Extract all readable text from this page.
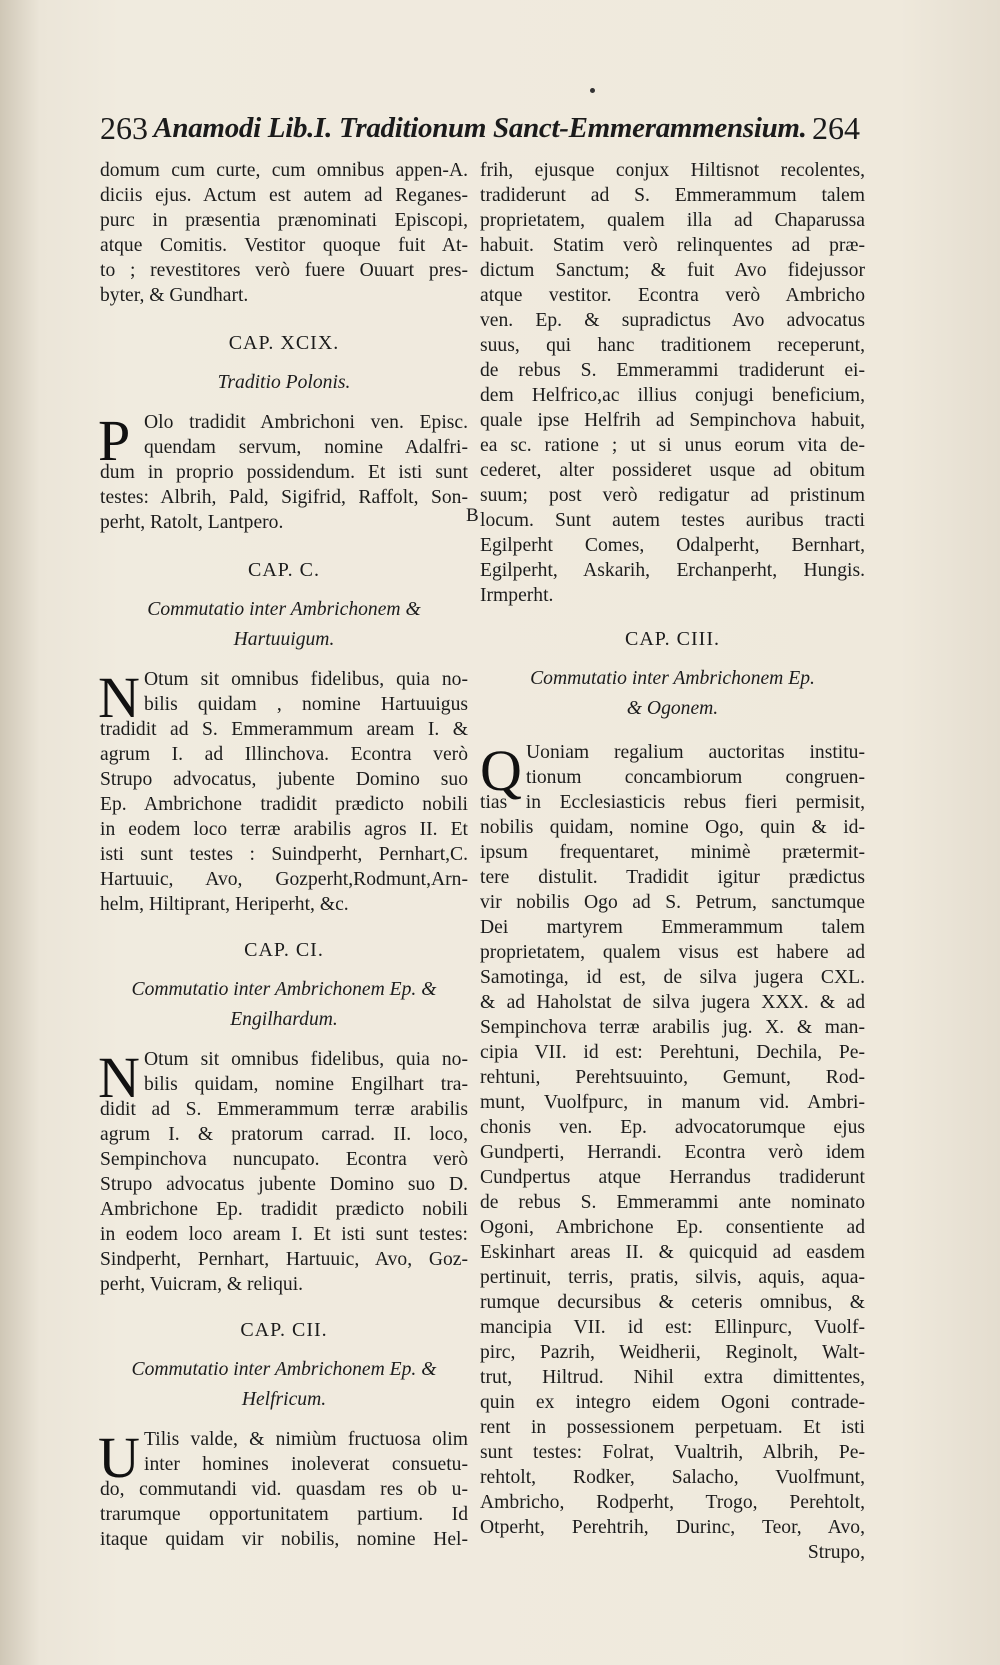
263 Anamodi Lib.I. Traditionum Sanct-Emmerammensium. 264
domum cum curte, cum omnibus appen-A.
diciis ejus. Actum est autem ad Reganes-
purc in præsentia prænominati Episcopi,
atque Comitis. Vestitor quoque fuit At-
to ; revestitores verò fuere Ouuart pres-
byter, & Gundhart.
CAP. XCIX.
Traditio Polonis.
P Olo tradidit Ambrichoni ven. Episc.
quendam servum, nomine Adalfri-
dum in proprio possidendum. Et isti sunt
testes: Albrih, Pald, Sigifrid, Raffolt, Son-
perht, Ratolt, Lantpero.
CAP. C.
Commutatio inter Ambrichonem &
Hartuuigum.
N Otum sit omnibus fidelibus, quia no-
bilis quidam , nomine Hartuuigus
tradidit ad S. Emmerammum aream I. &
agrum I. ad Illinchova. Econtra verò
Strupo advocatus, jubente Domino suo
Ep. Ambrichone tradidit prædicto nobili
in eodem loco terræ arabilis agros II. Et
isti sunt testes : Suindperht, Pernhart,C.
Hartuuic, Avo, Gozperht,Rodmunt,Arn-
helm, Hiltiprant, Heriperht, &c.
CAP. CI.
Commutatio inter Ambrichonem Ep. &
Engilhardum.
N Otum sit omnibus fidelibus, quia no-
bilis quidam, nomine Engilhart tra-
didit ad S. Emmerammum terræ arabilis
agrum I. & pratorum carrad. II. loco,
Sempinchova nuncupato. Econtra verò
Strupo advocatus jubente Domino suo D.
Ambrichone Ep. tradidit prædicto nobili
in eodem loco aream I. Et isti sunt testes:
Sindperht, Pernhart, Hartuuic, Avo, Goz-
perht, Vuicram, & reliqui.
CAP. CII.
Commutatio inter Ambrichonem Ep. &
Helfricum.
U Tilis valde, & nimiùm fructuosa olim
inter homines inoleverat consuetu-
do, commutandi vid. quasdam res ob u-
trarumque opportunitatem partium. Id
itaque quidam vir nobilis, nomine Hel-
frih, ejusque conjux Hiltisnot recolentes,
tradiderunt ad S. Emmerammum talem
proprietatem, qualem illa ad Chaparussa
habuit. Statim verò relinquentes ad præ-
dictum Sanctum; & fuit Avo fidejussor
atque vestitor. Econtra verò Ambricho
ven. Ep. & supradictus Avo advocatus
suus, qui hanc traditionem receperunt,
de rebus S. Emmerammi tradiderunt ei-
dem Helfrico,ac illius conjugi beneficium,
quale ipse Helfrih ad Sempinchova habuit,
ea sc. ratione ; ut si unus eorum vita de-
cederet, alter possideret usque ad obitum
suum; post verò redigatur ad pristinum
locum. Sunt autem testes auribus tracti
Egilperht Comes, Odalperht, Bernhart,
Egilperht, Askarih, Erchanperht, Hungis.
Irmperht.
CAP. CIII.
Commutatio inter Ambrichonem Ep.
& Ogonem.
Q Uoniam regalium auctoritas institu-
tionum concambiorum congruen-
tias in Ecclesiasticis rebus fieri permisit,
nobilis quidam, nomine Ogo, quin & id-
ipsum frequentaret, minimè prætermit-
tere distulit. Tradidit igitur prædictus
vir nobilis Ogo ad S. Petrum, sanctumque
Dei martyrem Emmerammum talem
proprietatem, qualem visus est habere ad
Samotinga, id est, de silva jugera CXL.
& ad Haholstat de silva jugera XXX. & ad
Sempinchova terræ arabilis jug. X. & man-
cipia VII. id est: Perehtuni, Dechila, Pe-
rehtuni, Perehtsuuinto, Gemunt, Rod-
munt, Vuolfpurc, in manum vid. Ambri-
chonis ven. Ep. advocatorumque ejus
Gundperti, Herrandi. Econtra verò idem
Cundpertus atque Herrandus tradiderunt
de rebus S. Emmerammi ante nominato
Ogoni, Ambrichone Ep. consentiente ad
Eskinhart areas II. & quicquid ad easdem
pertinuit, terris, pratis, silvis, aquis, aqua-
rumque decursibus & ceteris omnibus, &
mancipia VII. id est: Ellinpurc, Vuolf-
pirc, Pazrih, Weidherii, Reginolt, Walt-
trut, Hiltrud. Nihil extra dimittentes,
quin ex integro eidem Ogoni contrade-
rent in possessionem perpetuam. Et isti
sunt testes: Folrat, Vualtrih, Albrih, Pe-
rehtolt, Rodker, Salacho, Vuolfmunt,
Ambricho, Rodperht, Trogo, Perehtolt,
Otperht, Perehtrih, Durinc, Teor, Avo,
Strupo,
B
